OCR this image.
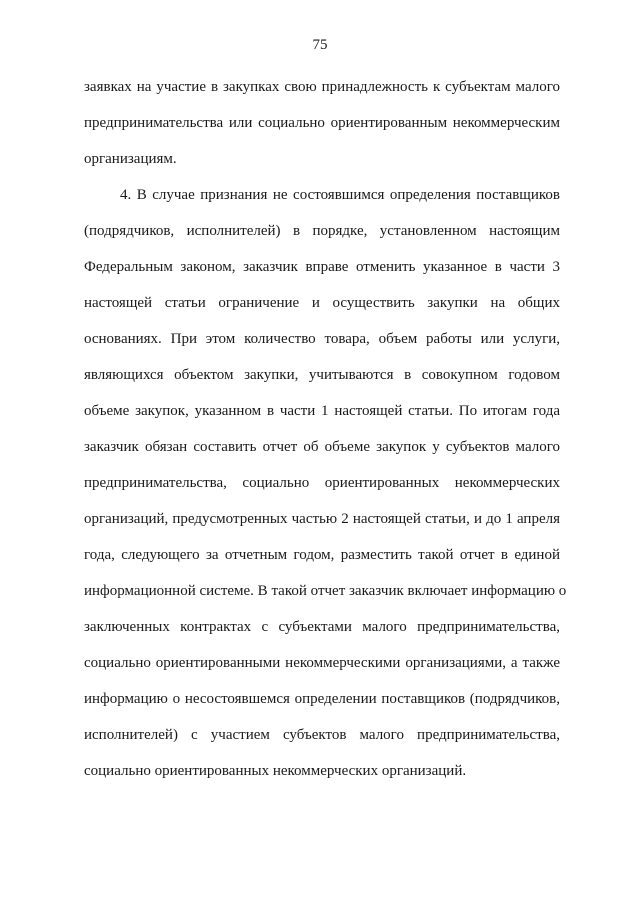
75
заявках на участие в закупках свою принадлежность к субъектам малого
предпринимательства или социально ориентированным некоммерческим
организациям.
4. В случае признания не состоявшимся определения поставщиков
(подрядчиков, исполнителей) в порядке, установленном настоящим
Федеральным законом, заказчик вправе отменить указанное в части 3
настоящей статьи ограничение и осуществить закупки на общих
основаниях. При этом количество товара, объем работы или услуги,
являющихся объектом закупки, учитываются в совокупном годовом
объеме закупок, указанном в части 1 настоящей статьи. По итогам года
заказчик обязан составить отчет об объеме закупок у субъектов малого
предпринимательства, социально ориентированных некоммерческих
организаций, предусмотренных частью 2 настоящей статьи, и до 1 апреля
года, следующего за отчетным годом, разместить такой отчет в единой
информационной системе. В такой отчет заказчик включает информацию о
заключенных контрактах с субъектами малого предпринимательства,
социально ориентированными некоммерческими организациями, а также
информацию о несостоявшемся определении поставщиков (подрядчиков,
исполнителей) с участием субъектов малого предпринимательства,
социально ориентированных некоммерческих организаций.
